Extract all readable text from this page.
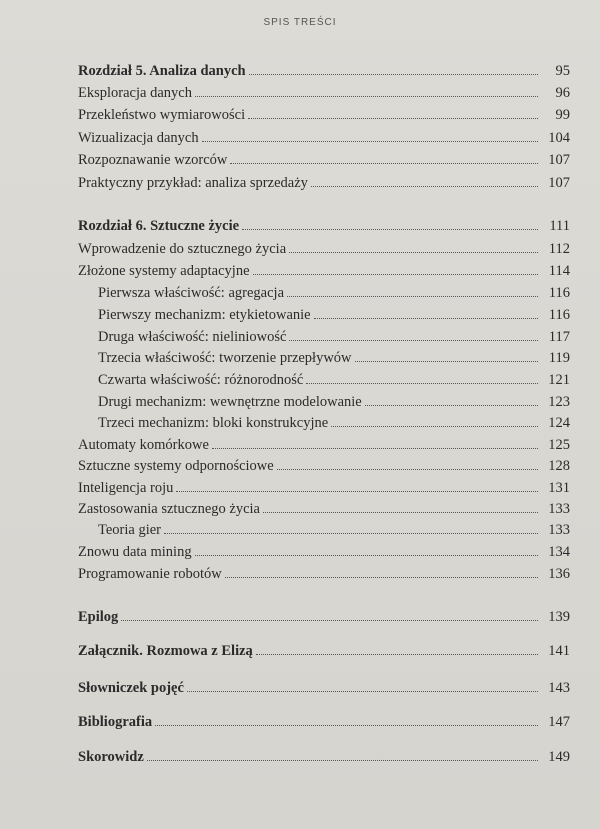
SPIS TREŚCI
Rozdział 5. Analiza danych	95
Eksploracja danych	96
Przekleństwo wymiarowości	99
Wizualizacja danych	104
Rozpoznawanie wzorców	107
Praktyczny przykład: analiza sprzedaży	107
Rozdział 6. Sztuczne życie	111
Wprowadzenie do sztucznego życia	112
Złożone systemy adaptacyjne	114
Pierwsza właściwość: agregacja	116
Pierwszy mechanizm: etykietowanie	116
Druga właściwość: nieliniowość	117
Trzecia właściwość: tworzenie przepływów	119
Czwarta właściwość: różnorodność	121
Drugi mechanizm: wewnętrzne modelowanie	123
Trzeci mechanizm: bloki konstrukcyjne	124
Automaty komórkowe	125
Sztuczne systemy odpornościowe	128
Inteligencja roju	131
Zastosowania sztucznego życia	133
Teoria gier	133
Znowu data mining	134
Programowanie robotów	136
Epilog	139
Załącznik. Rozmowa z Elizą	141
Słowniczek pojęć	143
Bibliografia	147
Skorowidz	149
